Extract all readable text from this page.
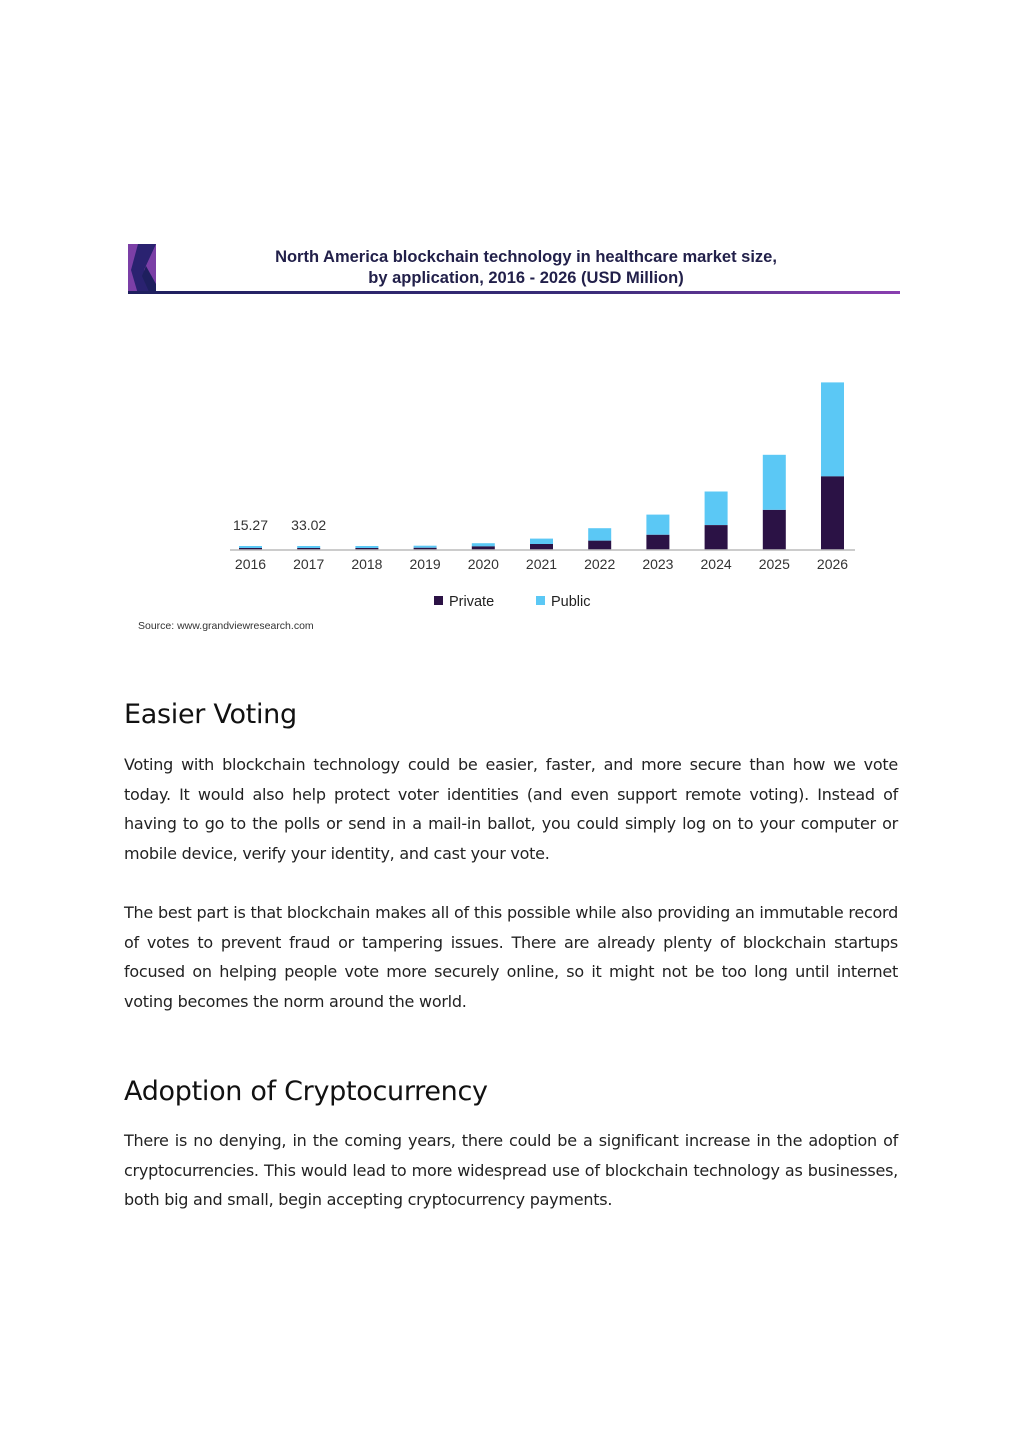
North America blockchain technology in healthcare market size,
by application, 2016 - 2026 (USD Million)
2016 2017 2018 2019 2020 2021 2022 2023 2024 2025 2026
15.27 33.02
Private	Public
Source: www.grandviewresearch.com
Easier Voting

Voting with blockchain technology could be easier, faster, and more secure than how we vote today. It would also help protect voter identities (and even support remote voting). Instead of having to go to the polls or send in a mail-in ballot, you could simply log on to your computer or mobile device, verify your identity, and cast your vote.

The best part is that blockchain makes all of this possible while also providing an immutable record of votes to prevent fraud or tampering issues. There are already plenty of blockchain startups focused on helping people vote more securely online, so it might not be too long until internet voting becomes the norm around the world.

Adoption of Cryptocurrency

There is no denying, in the coming years, there could be a significant increase in the adoption of cryptocurrencies. This would lead to more widespread use of blockchain technology as businesses, both big and small, begin accepting cryptocurrency payments.
